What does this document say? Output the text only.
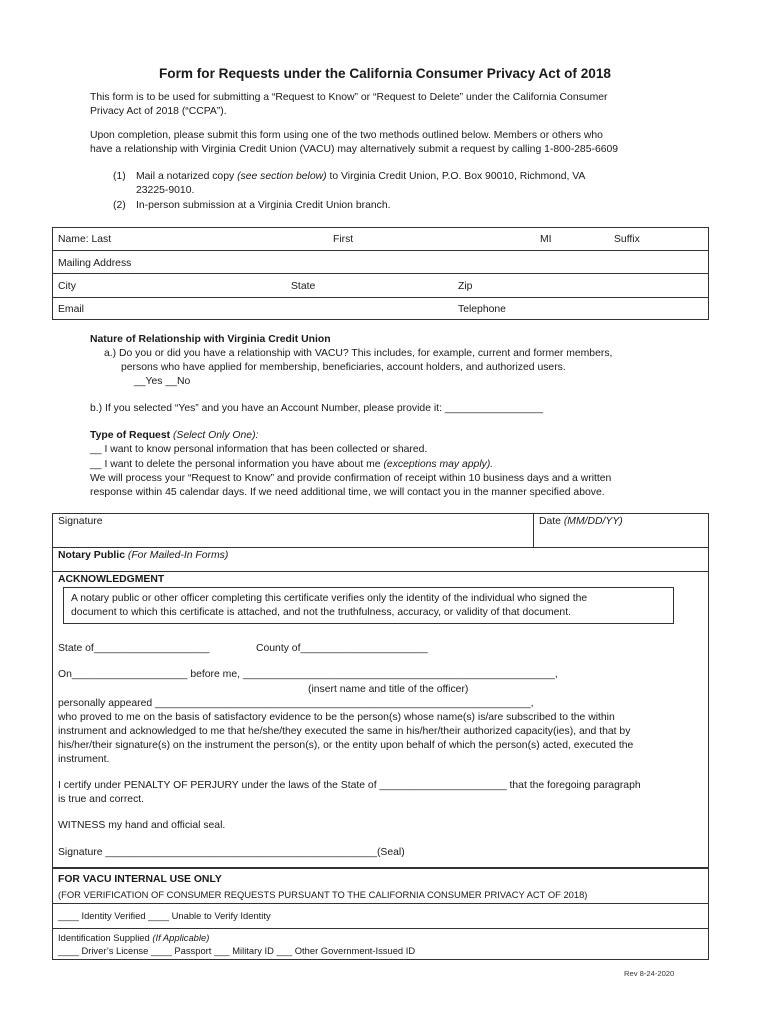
Form for Requests under the California Consumer Privacy Act of 2018
This form is to be used for submitting a “Request to Know” or “Request to Delete” under the California Consumer
Privacy Act of 2018 (“CCPA”).
Upon completion, please submit this form using one of the two methods outlined below. Members or others who
have a relationship with Virginia Credit Union (VACU) may alternatively submit a request by calling 1-800-285-6609
(1) Mail a notarized copy (see section below) to Virginia Credit Union, P.O. Box 90010, Richmond, VA
23225-9010.
(2) In-person submission at a Virginia Credit Union branch.
Name: Last	First	MI	Suffix
Mailing Address
City	State	Zip
Email	Telephone
Nature of Relationship with Virginia Credit Union
a.) Do you or did you have a relationship with VACU? This includes, for example, current and former members,
persons who have applied for membership, beneficiaries, account holders, and authorized users.
__Yes __No
b.) If you selected “Yes” and you have an Account Number, please provide it: _________________
Type of Request (Select Only One):
__ I want to know personal information that has been collected or shared.
__ I want to delete the personal information you have about me (exceptions may apply).
We will process your “Request to Know” and provide confirmation of receipt within 10 business days and a written
response within 45 calendar days. If we need additional time, we will contact you in the manner specified above.
Signature	Date (MM/DD/YY)
Notary Public (For Mailed-In Forms)
ACKNOWLEDGMENT
A notary public or other officer completing this certificate verifies only the identity of the individual who signed the
document to which this certificate is attached, and not the truthfulness, accuracy, or validity of that document.
State of____________________	County of______________________
On____________________ before me, ______________________________________________________,
(insert name and title of the officer)
personally appeared _________________________________________________________________,
who proved to me on the basis of satisfactory evidence to be the person(s) whose name(s) is/are subscribed to the within
instrument and acknowledged to me that he/she/they executed the same in his/her/their authorized capacity(ies), and that by
his/her/their signature(s) on the instrument the person(s), or the entity upon behalf of which the person(s) acted, executed the
instrument.
I certify under PENALTY OF PERJURY under the laws of the State of ______________________ that the foregoing paragraph
is true and correct.
WITNESS my hand and official seal.
Signature _______________________________________________(Seal)
FOR VACU INTERNAL USE ONLY
(FOR VERIFICATION OF CONSUMER REQUESTS PURSUANT TO THE CALIFORNIA CONSUMER PRIVACY ACT OF 2018)
____ Identity Verified ____ Unable to Verify Identity
Identification Supplied (If Applicable)
____ Driver’s License ____ Passport ___ Military ID ___ Other Government-Issued ID
Rev 8-24-2020
